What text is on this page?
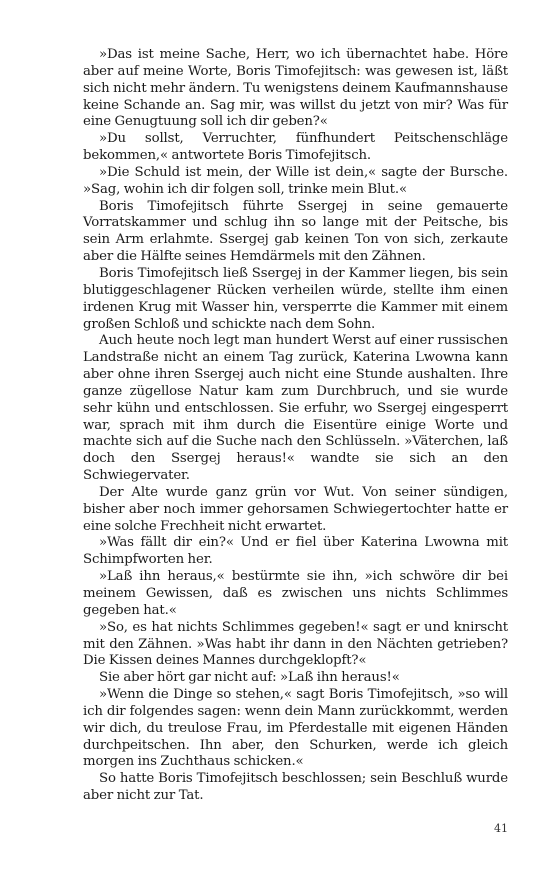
»Das ist meine Sache, Herr, wo ich übernachtet habe. Höre aber auf meine Worte, Boris Timofejitsch: was gewesen ist, läßt sich nicht mehr ändern. Tu wenigstens deinem Kaufmannshause keine Schande an. Sag mir, was willst du jetzt von mir? Was für eine Genugtuung soll ich dir geben?«

»Du sollst, Verruchter, fünfhundert Peitschenschläge bekommen,« antwortete Boris Timofejitsch.

»Die Schuld ist mein, der Wille ist dein,« sagte der Bursche. »Sag, wohin ich dir folgen soll, trinke mein Blut.«

Boris Timofejitsch führte Ssergej in seine gemauerte Vorratskammer und schlug ihn so lange mit der Peitsche, bis sein Arm erlahmte. Ssergej gab keinen Ton von sich, zerkaute aber die Hälfte seines Hemdärmels mit den Zähnen.

Boris Timofejitsch ließ Ssergej in der Kammer liegen, bis sein blutiggeschlagener Rücken verheilen würde, stellte ihm einen irdenen Krug mit Wasser hin, versperrte die Kammer mit einem großen Schloß und schickte nach dem Sohn.

Auch heute noch legt man hundert Werst auf einer russischen Landstraße nicht an einem Tag zurück, Katerina Lwowna kann aber ohne ihren Ssergej auch nicht eine Stunde aushalten. Ihre ganze zügellose Natur kam zum Durchbruch, und sie wurde sehr kühn und entschlossen. Sie erfuhr, wo Ssergej eingesperrt war, sprach mit ihm durch die Eisentüre einige Worte und machte sich auf die Suche nach den Schlüsseln. »Väterchen, laß doch den Ssergej heraus!« wandte sie sich an den Schwiegervater.

Der Alte wurde ganz grün vor Wut. Von seiner sündigen, bisher aber noch immer gehorsamen Schwiegertochter hatte er eine solche Frechheit nicht erwartet.

»Was fällt dir ein?« Und er fiel über Katerina Lwowna mit Schimpfworten her.

»Laß ihn heraus,« bestürmte sie ihn, »ich schwöre dir bei meinem Gewissen, daß es zwischen uns nichts Schlimmes gegeben hat.«

»So, es hat nichts Schlimmes gegeben!« sagt er und knirscht mit den Zähnen. »Was habt ihr dann in den Nächten getrieben? Die Kissen deines Mannes durchgeklopft?«

Sie aber hört gar nicht auf: »Laß ihn heraus!«

»Wenn die Dinge so stehen,« sagt Boris Timofejitsch, »so will ich dir folgendes sagen: wenn dein Mann zurückkommt, werden wir dich, du treulose Frau, im Pferdestalle mit eigenen Händen durchpeitschen. Ihn aber, den Schurken, werde ich gleich morgen ins Zuchthaus schicken.«

So hatte Boris Timofejitsch beschlossen; sein Beschluß wurde aber nicht zur Tat.

41
